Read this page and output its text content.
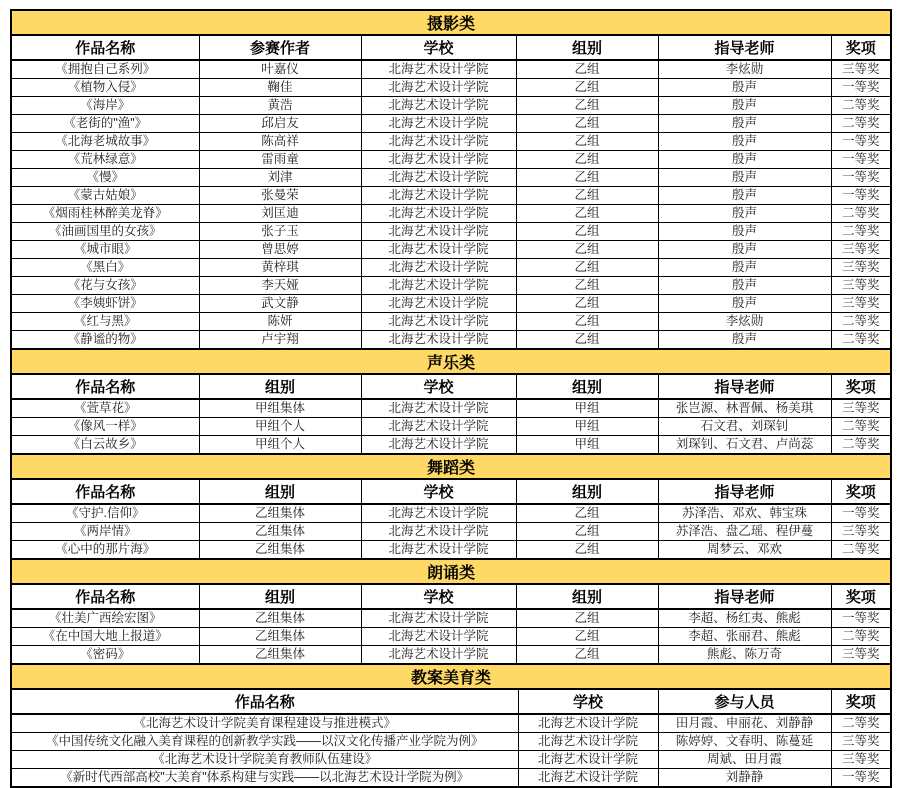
摄影类					
作品名称	参赛作者	学校	组别	指导老师	奖项
《拥抱自己系列》	叶嘉仪	北海艺术设计学院	乙组	李炫勋	三等奖
《植物入侵》	鞠佳	北海艺术设计学院	乙组	殷声	一等奖
《海岸》	黄浩	北海艺术设计学院	乙组	殷声	二等奖
《老街的"渔"》	邱启友	北海艺术设计学院	乙组	殷声	二等奖
《北海老城故事》	陈高祥	北海艺术设计学院	乙组	殷声	一等奖
《荒林绿意》	雷雨童	北海艺术设计学院	乙组	殷声	一等奖
《慢》	刘津	北海艺术设计学院	乙组	殷声	一等奖
《蒙古姑娘》	张曼荣	北海艺术设计学院	乙组	殷声	一等奖
《烟雨桂林醉美龙脊》	刘匡迪	北海艺术设计学院	乙组	殷声	二等奖
《油画国里的女孩》	张子玉	北海艺术设计学院	乙组	殷声	二等奖
《城市眼》	曾思婷	北海艺术设计学院	乙组	殷声	三等奖
《黑白》	黄梓琪	北海艺术设计学院	乙组	殷声	三等奖
《花与女孩》	李天娅	北海艺术设计学院	乙组	殷声	三等奖
《李姨虾饼》	武文静	北海艺术设计学院	乙组	殷声	三等奖
《红与黑》	陈妍	北海艺术设计学院	乙组	李炫勋	二等奖
《静谧的物》	卢宇翔	北海艺术设计学院	乙组	殷声	二等奖
声乐类					
作品名称	组别	学校	组别	指导老师	奖项
《萱草花》	甲组集体	北海艺术设计学院	甲组	张岂源、林晋佩、杨美琪	三等奖
《像风一样》	甲组个人	北海艺术设计学院	甲组	石文君、刘琛钊	二等奖
《白云故乡》	甲组个人	北海艺术设计学院	甲组	刘琛钊、石文君、卢尚蕊	二等奖
舞蹈类					
作品名称	组别	学校	组别	指导老师	奖项
《守护.信仰》	乙组集体	北海艺术设计学院	乙组	苏泽浩、邓欢、韩宝珠	一等奖
《两岸情》	乙组集体	北海艺术设计学院	乙组	苏泽浩、盘乙瑶、程伊蔓	三等奖
《心中的那片海》	乙组集体	北海艺术设计学院	乙组	周梦云、邓欢	二等奖
朗诵类					
作品名称	组别	学校	组别	指导老师	奖项
《壮美广西绘宏图》	乙组集体	北海艺术设计学院	乙组	李超、杨红夷、熊彪	一等奖
《在中国大地上报道》	乙组集体	北海艺术设计学院	乙组	李超、张丽君、熊彪	二等奖
《密码》	乙组集体	北海艺术设计学院	乙组	熊彪、陈万奇	三等奖
教案美育类			
作品名称	学校	参与人员	奖项
《北海艺术设计学院美育课程建设与推进模式》	北海艺术设计学院	田月霞、申丽花、刘静静	二等奖
《中国传统文化融入美育课程的创新教学实践——以汉文化传播产业学院为例》	北海艺术设计学院	陈婷婷、文春明、陈蔓延	三等奖
《北海艺术设计学院美育教师队伍建设》	北海艺术设计学院	周斌、田月霞	三等奖
《新时代西部高校"大美育"体系构建与实践——以北海艺术设计学院为例》	北海艺术设计学院	刘静静	一等奖
